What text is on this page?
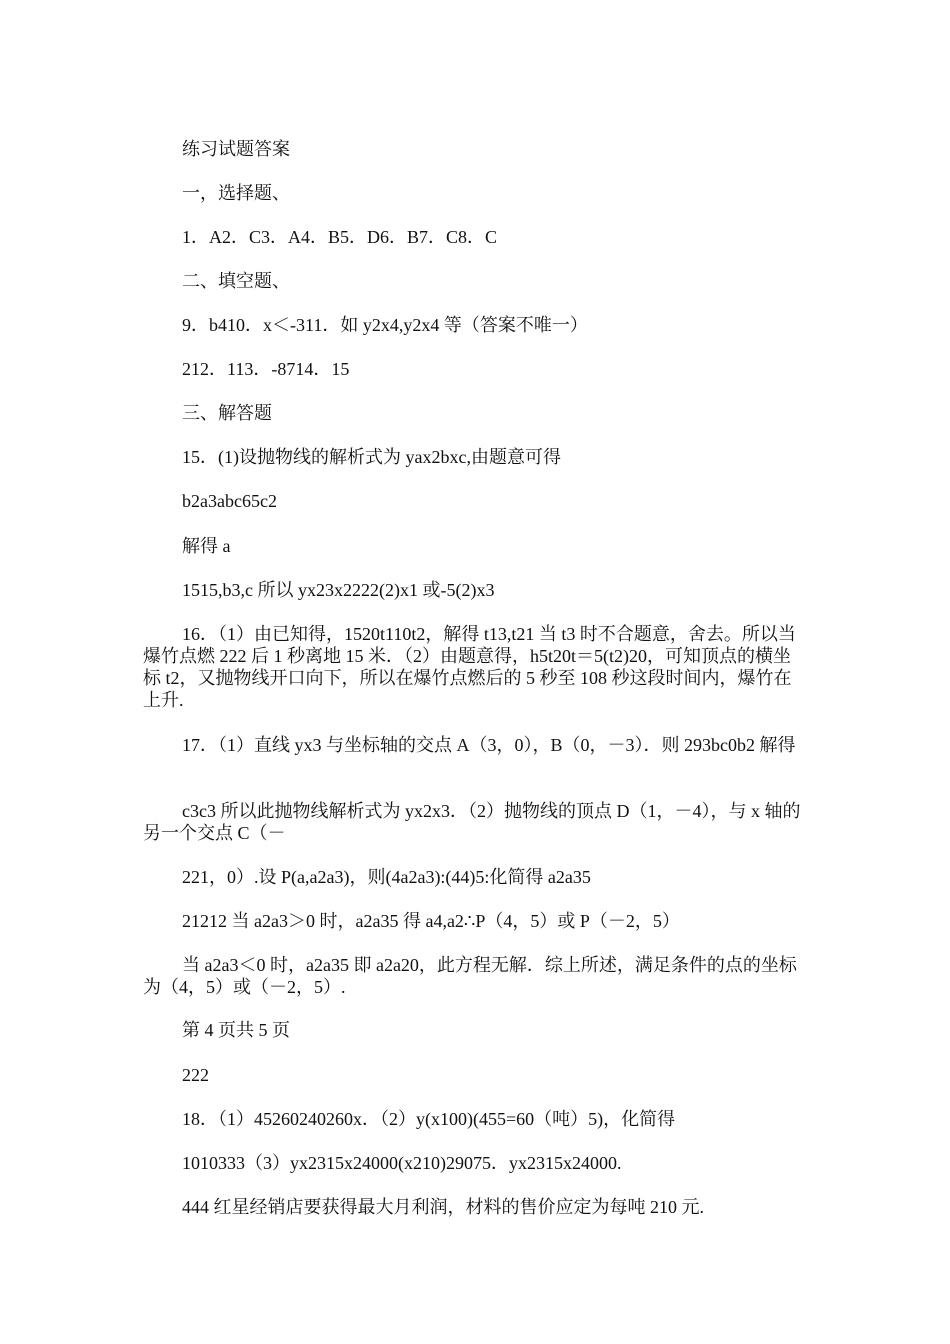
练习试题答案

一，选择题、

1．A2．C3．A4．B5．D6．B7．C8．C

二、填空题、

9．b410．x＜-311．如 y2x4,y2x4 等（答案不唯一）

212．113．-8714．15

三、解答题

15．(1)设抛物线的解析式为 yax2bxc,由题意可得

b2a3abc65c2

解得 a

1515,b3,c 所以 yx23x2222(2)x1 或-5(2)x3

16．（1）由已知得，1520t110t2，解得 t13,t21 当 t3 时不合题意，舍去。所以当爆竹点燃 222 后 1 秒离地 15 米．（2）由题意得，h5t20t＝5(t2)20，可知顶点的横坐标 t2，又抛物线开口向下，所以在爆竹点燃后的 5 秒至 108 秒这段时间内，爆竹在上升.

17．（1）直线 yx3 与坐标轴的交点 A（3，0），B（0，－3）．则 293bc0b2 解得

c3c3 所以此抛物线解析式为 yx2x3．（2）抛物线的顶点 D（1，－4），与 x 轴的另一个交点 C（－

221，0）.设 P(a,a2a3)，则(4a2a3):(44)5:化简得 a2a35

21212 当 a2a3＞0 时，a2a35 得 a4,a2∴P（4，5）或 P（－2，5）

当 a2a3＜0 时，a2a35 即 a2a20，此方程无解．综上所述，满足条件的点的坐标为（4，5）或（－2，5）.

第 4 页共 5 页

222

18．（1）45260240260x．（2）y(x100)(455=60（吨）5)，化简得

1010333（3）yx2315x24000(x210)29075．yx2315x24000.

444 红星经销店要获得最大月利润，材料的售价应定为每吨 210 元.
